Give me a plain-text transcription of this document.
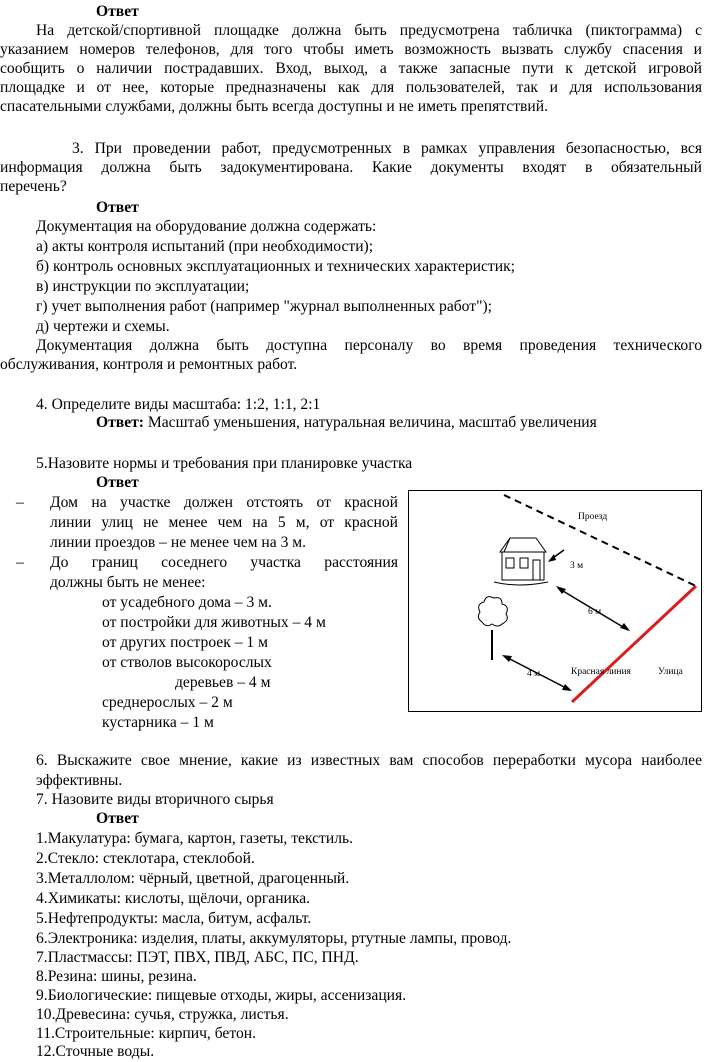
Ответ
На детской/спортивной площадке должна быть предусмотрена табличка (пиктограмма) с
указанием номеров телефонов, для того чтобы иметь возможность вызвать службу спасения и
сообщить о наличии пострадавших. Вход, выход, а также запасные пути к детской игровой
площадке и от нее, которые предназначены как для пользователей, так и для использования
спасательными службами, должны быть всегда доступны и не иметь препятствий.
3. При проведении работ, предусмотренных в рамках управления безопасностью, вся
информация должна быть задокументирована. Какие документы входят в обязательный
перечень?
Ответ
Документация на оборудование должна содержать:
а) акты контроля испытаний (при необходимости);
б) контроль основных эксплуатационных и технических характеристик;
в) инструкции по эксплуатации;
г) учет выполнения работ (например "журнал выполненных работ");
д) чертежи и схемы.
Документация должна быть доступна персоналу во время проведения технического
обслуживания, контроля и ремонтных работ.
4. Определите виды масштаба: 1:2, 1:1, 2:1
Ответ: Масштаб уменьшения, натуральная величина, масштаб увеличения
5.Назовите нормы и требования при планировке участка
Ответ
– Дом на участке должен отстоять от красной
линии улиц не менее чем на 5 м, от красной
линии проездов – не менее чем на 3 м.
– До границ соседнего участка расстояния
должны быть не менее:
от усадебного дома – 3 м.
от постройки для животных – 4 м
от других построек – 1 м
от стволов высокорослых
деревьев – 4 м
среднерослых – 2 м
кустарника – 1 м
Проезд
3 м
6 м
4 м	Красная линия	Улица
6. Выскажите свое мнение, какие из известных вам способов переработки мусора наиболее
эффективны.
7. Назовите виды вторичного сырья
Ответ
1.Макулатура: бумага, картон, газеты, текстиль.
2.Стекло: стеклотара, стеклобой.
3.Металлолом: чёрный, цветной, драгоценный.
4.Химикаты: кислоты, щёлочи, органика.
5.Нефтепродукты: масла, битум, асфальт.
6.Электроника: изделия, платы, аккумуляторы, ртутные лампы, провод.
7.Пластмассы: ПЭТ, ПВХ, ПВД, АБС, ПС, ПНД.
8.Резина: шины, резина.
9.Биологические: пищевые отходы, жиры, ассенизация.
10.Древесина: сучья, стружка, листья.
11.Строительные: кирпич, бетон.
12.Сточные воды.
